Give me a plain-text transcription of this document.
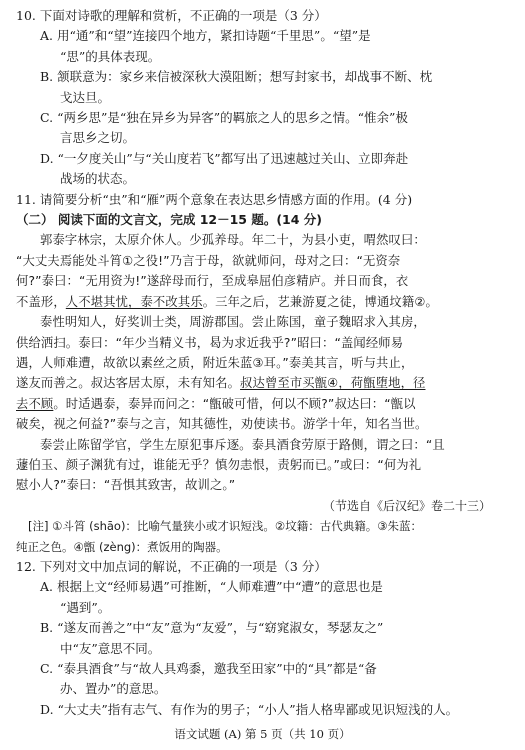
10. 下面对诗歌的理解和赏析，不正确的一项是（3 分）

A. 用“通”和“望”连接四个地方，紧扣诗题“千里思”。“望”是

“思”的具体表现。

B. 颔联意为：家乡来信被深秋大漠阻断；想写封家书，却战事不断、枕

戈达旦。

C. “两乡思”是“独在异乡为异客”的羁旅之人的思乡之情。“惟余”极

言思乡之切。

D. “一夕度关山”与“关山度若飞”都写出了迅速越过关山、立即奔赴

战场的状态。

11. 请简要分析“虫”和“雁”两个意象在表达思乡情感方面的作用。(4 分)

（二） 阅读下面的文言文，完成 12－15 题。(14 分)

郭泰字林宗，太原介休人。少孤养母。年二十，为县小吏，喟然叹曰：

“大丈夫焉能处斗筲①之役!”乃言于母，欲就师问，母对之曰：“无资奈

何?”泰曰：“无用资为!”遂辞母而行，至成皋屈伯彦精庐。并日而食，衣

不盖形，人不堪其忧，泰不改其乐。三年之后，艺兼游夏之徒，博通坟籍②。

泰性明知人，好奖训士类，周游郡国。尝止陈国，童子魏昭求入其房，

供给洒扫。泰曰：“年少当精义书，曷为求近我乎?”昭曰：“盖闻经师易

遇，人师难遭，故欲以素丝之质，附近朱蓝③耳。”泰美其言，听与共止，

遂友而善之。叔达客居太原，未有知名。叔达曾至市买甑④，荷甑堕地，径

去不顾。时适遇泰，泰异而问之：“甑破可惜，何以不顾?”叔达曰：“甑以

破矣，视之何益?”泰与之言，知其德性，劝使读书。游学十年，知名当世。

泰尝止陈留学官，学生左原犯事斥逐。泰具酒食劳原于路侧，谓之曰：“且

蘧伯玉、颜子渊犹有过，谁能无乎？慎勿恚恨，责躬而已。”或曰：“何为礼

慰小人?”泰曰：“吾惧其致害，故训之。”

（节选自《后汉纪》卷二十三）

[注] ①斗筲 (shāo)：比喻气量狭小或才识短浅。②坟籍：古代典籍。③朱蓝：

纯正之色。④甑 (zèng)：煮饭用的陶器。

12. 下列对文中加点词的解说，不正确的一项是（3 分）

A. 根据上文“经师易遇”可推断，“人师难遭”中“遭”的意思也是

“遇到”。

B. “遂友而善之”中“友”意为“友爱”，与“窈窕淑女，琴瑟友之”

中“友”意思不同。

C. “泰具酒食”与“故人具鸡黍，邀我至田家”中的“具”都是“备

办、置办”的意思。

D. “大丈夫”指有志气、有作为的男子；“小人”指人格卑鄙或见识短浅的人。

语文试题 (A) 第 5 页（共 10 页）
